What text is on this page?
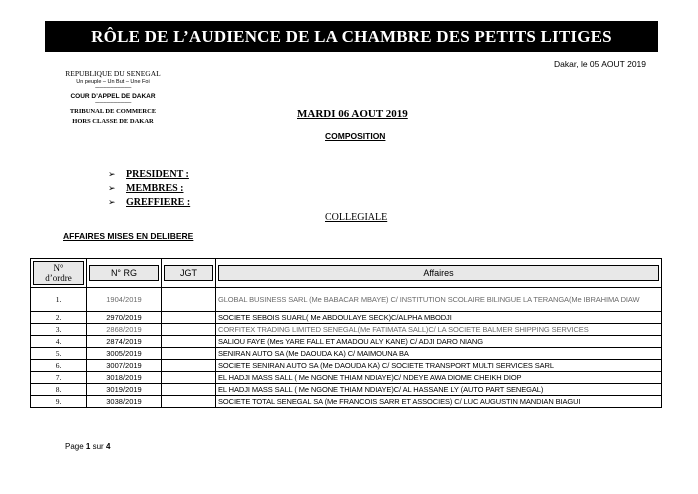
RÔLE DE L’AUDIENCE DE LA CHAMBRE DES PETITS LITIGES
Dakar, le 05 AOUT 2019
REPUBLIQUE DU SENEGAL
Un peuple – Un But – Une Foi
-------------------------------
COUR D’APPEL DE DAKAR
-------------------------------
TRIBUNAL DE COMMERCE
HORS CLASSE DE DAKAR
MARDI 06 AOUT 2019
COMPOSITION
➢	PRESIDENT :
➢	MEMBRES :
➢	GREFFIERE :
COLLEGIALE
AFFAIRES MISES EN DELIBERE
N°
d’ordre	N° RG	JGT	Affaires

1.	1904/2019		GLOBAL BUSINESS SARL (Me BABACAR MBAYE) C/ INSTITUTION SCOLAIRE BILINGUE LA TERANGA(Me IBRAHIMA DIAW
2.	2970/2019		SOCIETE SEBOIS SUARL( Me ABDOULAYE SECK)C/ALPHA MBODJI
3.	2868/2019		CORFITEX TRADING LIMITED SENEGAL(Me FATIMATA SALL)C/ LA SOCIETE BALMER SHIPPING SERVICES
4.	2874/2019		SALIOU FAYE (Mes YARE FALL ET AMADOU ALY KANE) C/ ADJI DARO NIANG
5.	3005/2019		SENIRAN AUTO SA (Me DAOUDA KA) C/ MAIMOUNA BA
6.	3007/2019		SOCIETE SENIRAN AUTO SA (Me DAOUDA KA) C/ SOCIETE TRANSPORT MULTI SERVICES SARL
7.	3018/2019		EL HADJI MASS SALL ( Me NGONE THIAM NDIAYE)C/ NDEYE AWA DIOME CHEIKH DIOP
8.	3019/2019		EL HADJI MASS SALL ( Me NGONE THIAM NDIAYE)C/ AL HASSANE LY (AUTO PART SENEGAL)
9.	3038/2019		SOCIETE TOTAL SENEGAL SA (Me FRANCOIS SARR ET ASSOCIES) C/ LUC AUGUSTIN MANDIAN BIAGUI
Page 1 sur 4
